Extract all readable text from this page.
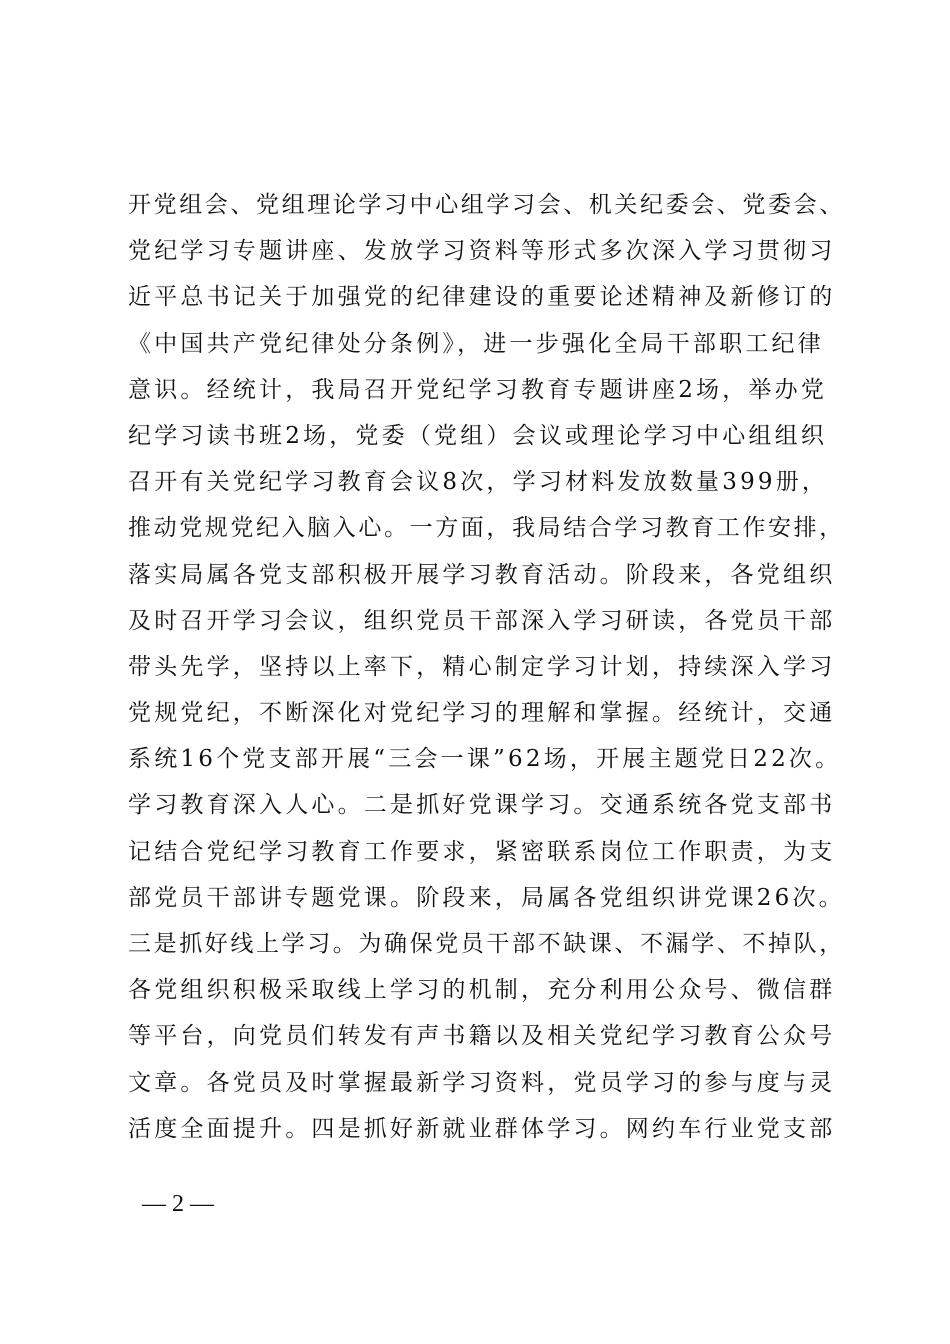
开党组会、党组理论学习中心组学习会、机关纪委会、党委会、
党纪学习专题讲座、发放学习资料等形式多次深入学习贯彻习
近平总书记关于加强党的纪律建设的重要论述精神及新修订的
《中国共产党纪律处分条例》，进一步强化全局干部职工纪律
意识。经统计，我局召开党纪学习教育专题讲座2场，举办党
纪学习读书班2场，党委（党组）会议或理论学习中心组组织
召开有关党纪学习教育会议8次，学习材料发放数量399册，
推动党规党纪入脑入心。一方面，我局结合学习教育工作安排，
落实局属各党支部积极开展学习教育活动。阶段来，各党组织
及时召开学习会议，组织党员干部深入学习研读，各党员干部
带头先学，坚持以上率下，精心制定学习计划，持续深入学习
党规党纪，不断深化对党纪学习的理解和掌握。经统计，交通
系统16个党支部开展“三会一课”62场，开展主题党日22次。
学习教育深入人心。二是抓好党课学习。交通系统各党支部书
记结合党纪学习教育工作要求，紧密联系岗位工作职责，为支
部党员干部讲专题党课。阶段来，局属各党组织讲党课26次。
三是抓好线上学习。为确保党员干部不缺课、不漏学、不掉队，
各党组织积极采取线上学习的机制，充分利用公众号、微信群
等平台，向党员们转发有声书籍以及相关党纪学习教育公众号
文章。各党员及时掌握最新学习资料，党员学习的参与度与灵
活度全面提升。四是抓好新就业群体学习。网约车行业党支部
— 2 —
